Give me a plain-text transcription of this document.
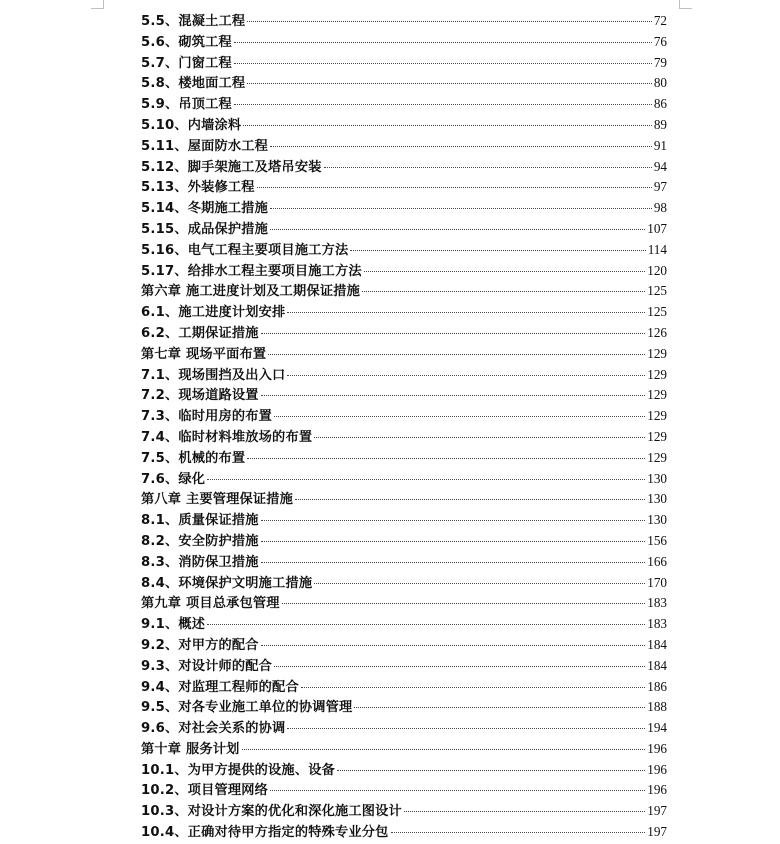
5.5、混凝土工程	72
5.6、砌筑工程	76
5.7、门窗工程	79
5.8、楼地面工程	80
5.9、吊顶工程	86
5.10、内墙涂料	89
5.11、屋面防水工程	91
5.12、脚手架施工及塔吊安装	94
5.13、外装修工程	97
5.14、冬期施工措施	98
5.15、成品保护措施	107
5.16、电气工程主要项目施工方法	114
5.17、给排水工程主要项目施工方法	120
第六章 施工进度计划及工期保证措施	125
6.1、施工进度计划安排	125
6.2、工期保证措施	126
第七章 现场平面布置	129
7.1、现场围挡及出入口	129
7.2、现场道路设置	129
7.3、临时用房的布置	129
7.4、临时材料堆放场的布置	129
7.5、机械的布置	129
7.6、绿化	130
第八章 主要管理保证措施	130
8.1、质量保证措施	130
8.2、安全防护措施	156
8.3、消防保卫措施	166
8.4、环境保护文明施工措施	170
第九章 项目总承包管理	183
9.1、概述	183
9.2、对甲方的配合	184
9.3、对设计师的配合	184
9.4、对监理工程师的配合	186
9.5、对各专业施工单位的协调管理	188
9.6、对社会关系的协调	194
第十章 服务计划	196
10.1、为甲方提供的设施、设备	196
10.2、项目管理网络	196
10.3、对设计方案的优化和深化施工图设计	197
10.4、正确对待甲方指定的特殊专业分包	197
